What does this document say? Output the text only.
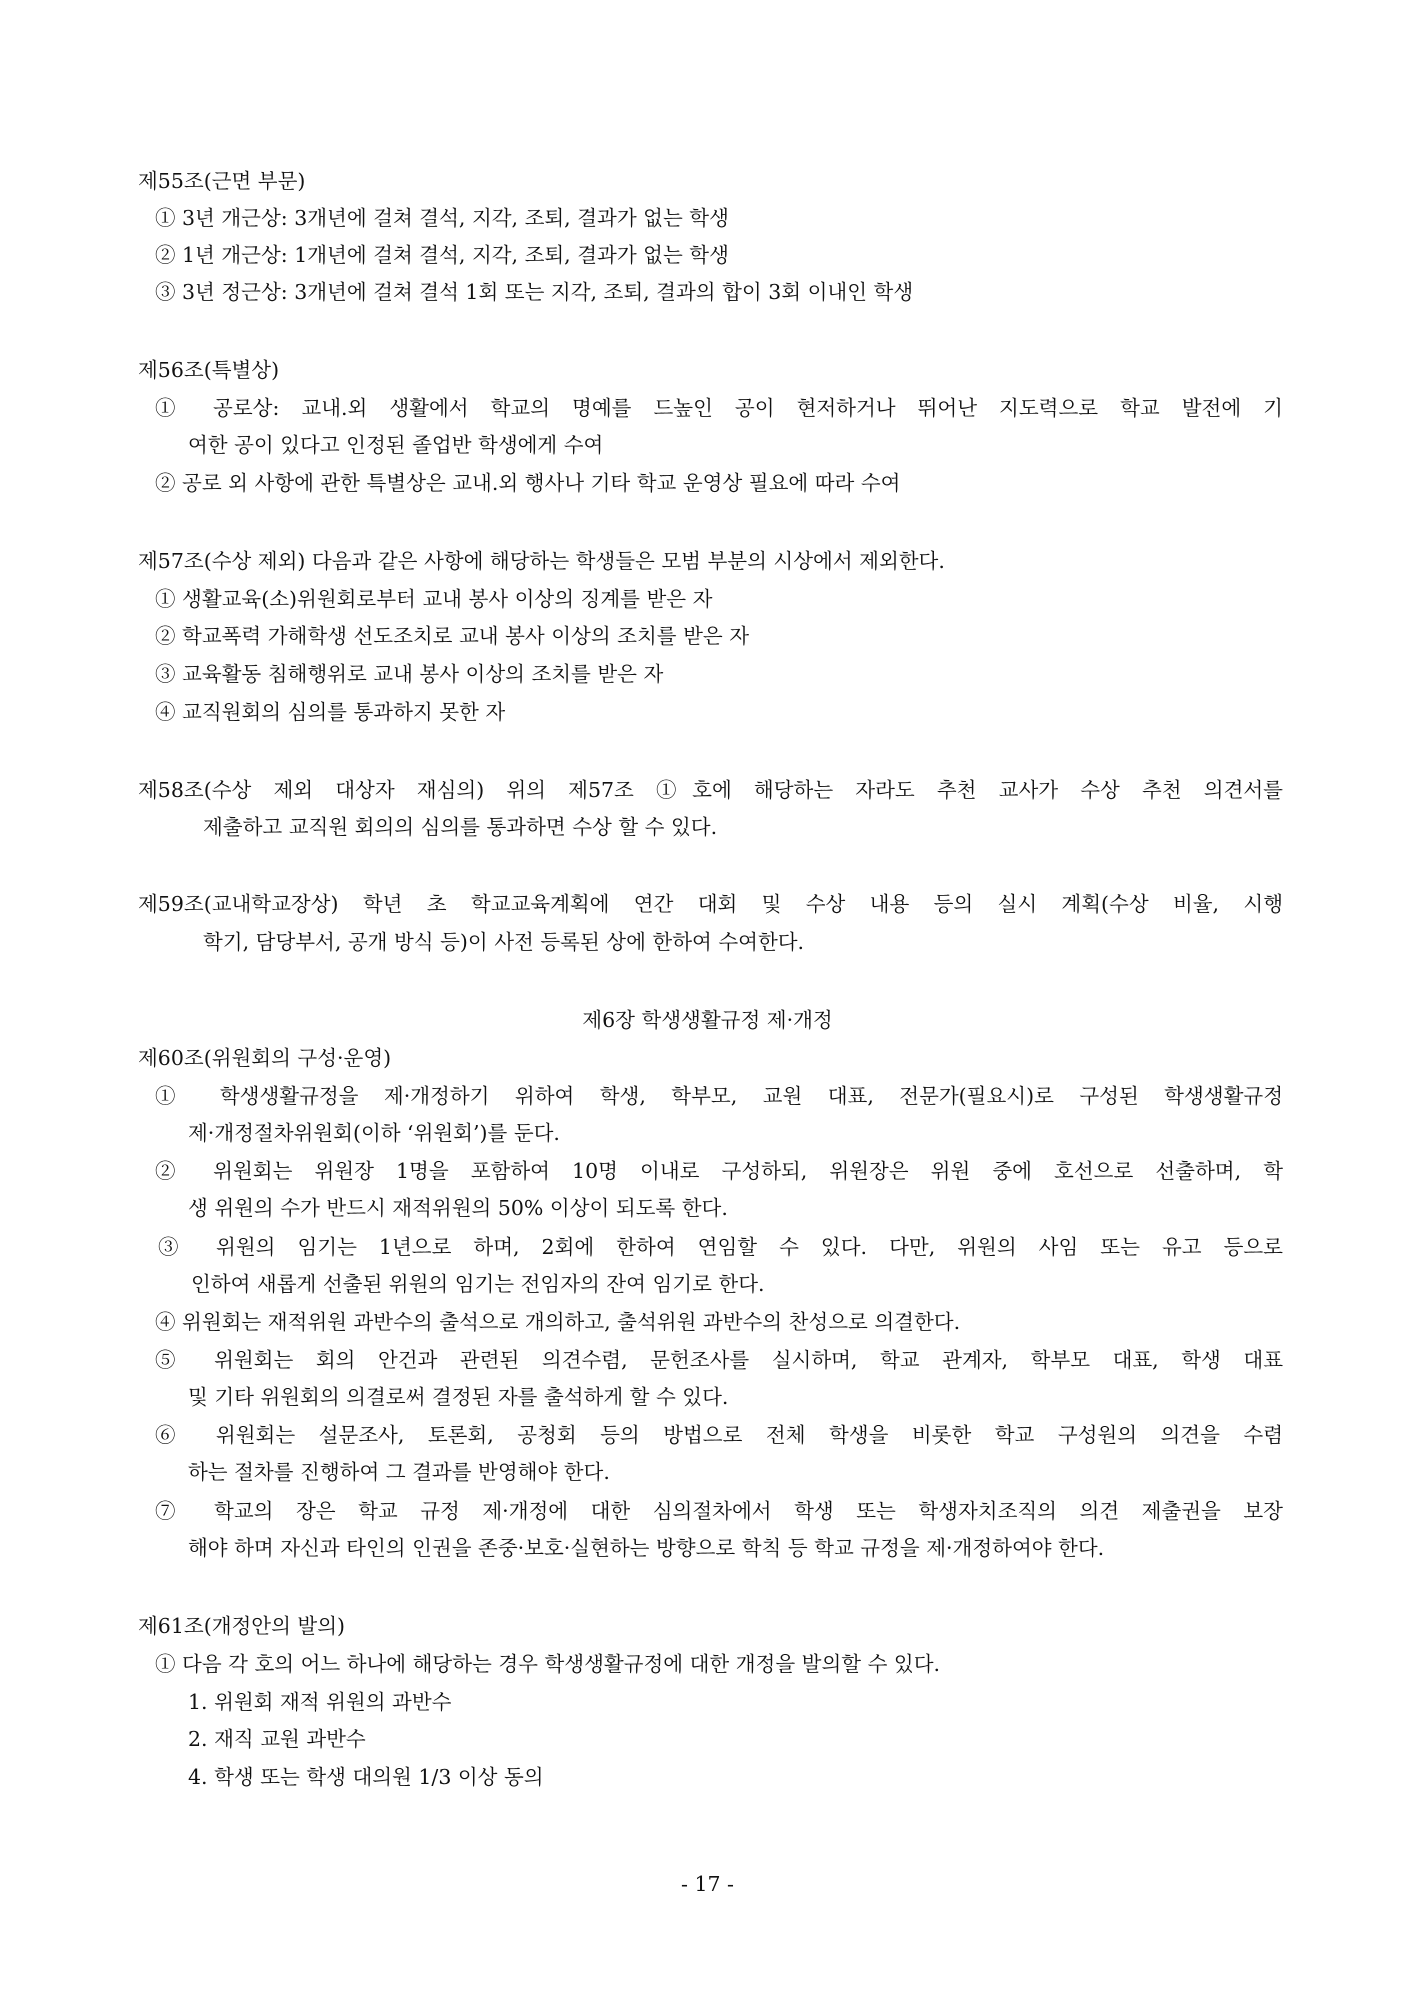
제55조(근면 부문)
① 3년 개근상: 3개년에 걸쳐 결석, 지각, 조퇴, 결과가 없는 학생
② 1년 개근상: 1개년에 걸쳐 결석, 지각, 조퇴, 결과가 없는 학생
③ 3년 정근상: 3개년에 걸쳐 결석 1회 또는 지각, 조퇴, 결과의 합이 3회 이내인 학생
제56조(특별상)
① 공로상: 교내.외 생활에서 학교의 명예를 드높인 공이 현저하거나 뛰어난 지도력으로 학교 발전에 기
여한 공이 있다고 인정된 졸업반 학생에게 수여
② 공로 외 사항에 관한 특별상은 교내.외 행사나 기타 학교 운영상 필요에 따라 수여
제57조(수상 제외) 다음과 같은 사항에 해당하는 학생들은 모범 부분의 시상에서 제외한다.
① 생활교육(소)위원회로부터 교내 봉사 이상의 징계를 받은 자
② 학교폭력 가해학생 선도조치로 교내 봉사 이상의 조치를 받은 자
③ 교육활동 침해행위로 교내 봉사 이상의 조치를 받은 자
④ 교직원회의 심의를 통과하지 못한 자
제58조(수상 제외 대상자 재심의) 위의 제57조 ①호에 해당하는 자라도 추천 교사가 수상 추천 의견서를
제출하고 교직원 회의의 심의를 통과하면 수상 할 수 있다.
제59조(교내학교장상) 학년 초 학교교육계획에 연간 대회 및 수상 내용 등의 실시 계획(수상 비율, 시행
학기, 담당부서, 공개 방식 등)이 사전 등록된 상에 한하여 수여한다.
제6장 학생생활규정 제·개정
제60조(위원회의 구성·운영)
① 학생생활규정을 제·개정하기 위하여 학생, 학부모, 교원 대표, 전문가(필요시)로 구성된 학생생활규정
제·개정절차위원회(이하 ‘위원회’)를 둔다.
② 위원회는 위원장 1명을 포함하여 10명 이내로 구성하되, 위원장은 위원 중에 호선으로 선출하며, 학
생 위원의 수가 반드시 재적위원의 50% 이상이 되도록 한다.
③ 위원의 임기는 1년으로 하며, 2회에 한하여 연임할 수 있다. 다만, 위원의 사임 또는 유고 등으로
인하여 새롭게 선출된 위원의 임기는 전임자의 잔여 임기로 한다.
④ 위원회는 재적위원 과반수의 출석으로 개의하고, 출석위원 과반수의 찬성으로 의결한다.
⑤ 위원회는 회의 안건과 관련된 의견수렴, 문헌조사를 실시하며, 학교 관계자, 학부모 대표, 학생 대표
및 기타 위원회의 의결로써 결정된 자를 출석하게 할 수 있다.
⑥ 위원회는 설문조사, 토론회, 공청회 등의 방법으로 전체 학생을 비롯한 학교 구성원의 의견을 수렴
하는 절차를 진행하여 그 결과를 반영해야 한다.
⑦ 학교의 장은 학교 규정 제·개정에 대한 심의절차에서 학생 또는 학생자치조직의 의견 제출권을 보장
해야 하며 자신과 타인의 인권을 존중·보호·실현하는 방향으로 학칙 등 학교 규정을 제·개정하여야 한다.
제61조(개정안의 발의)
① 다음 각 호의 어느 하나에 해당하는 경우 학생생활규정에 대한 개정을 발의할 수 있다.
1. 위원회 재적 위원의 과반수
2. 재직 교원 과반수
4. 학생 또는 학생 대의원 1/3 이상 동의
- 17 -
